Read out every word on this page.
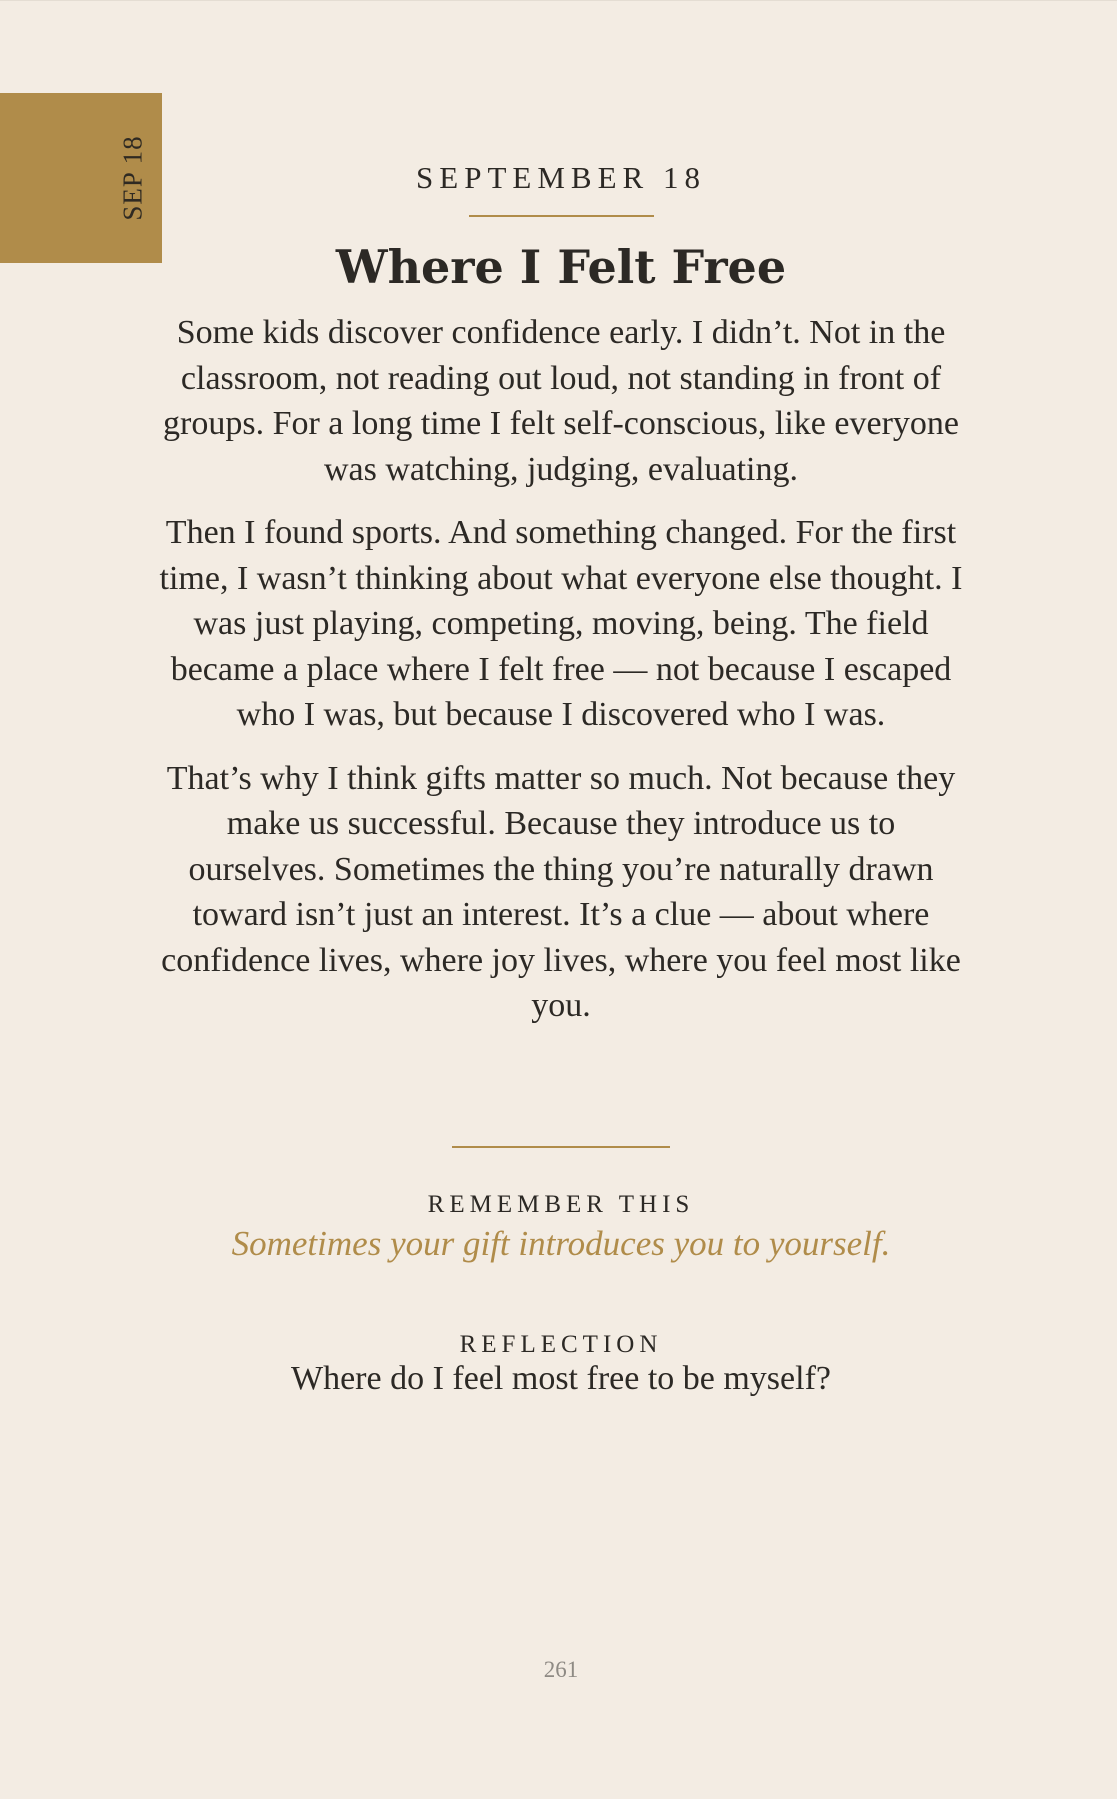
SEP 18	SEPTEMBER 18
Where I Felt Free

Some kids discover confidence early. I didn’t. Not in the classroom, not reading out loud, not standing in front of groups. For a long time I felt self-conscious, like everyone was watching, judging, evaluating.

Then I found sports. And something changed. For the first time, I wasn’t thinking about what everyone else thought. I was just playing, competing, moving, being. The field became a place where I felt free — not because I escaped who I was, but because I discovered who I was.

That’s why I think gifts matter so much. Not because they make us successful. Because they introduce us to ourselves. Sometimes the thing you’re naturally drawn toward isn’t just an interest. It’s a clue — about where confidence lives, where joy lives, where you feel most like you.

REMEMBER THIS
Sometimes your gift introduces you to yourself.
REFLECTION
Where do I feel most free to be myself?
261
